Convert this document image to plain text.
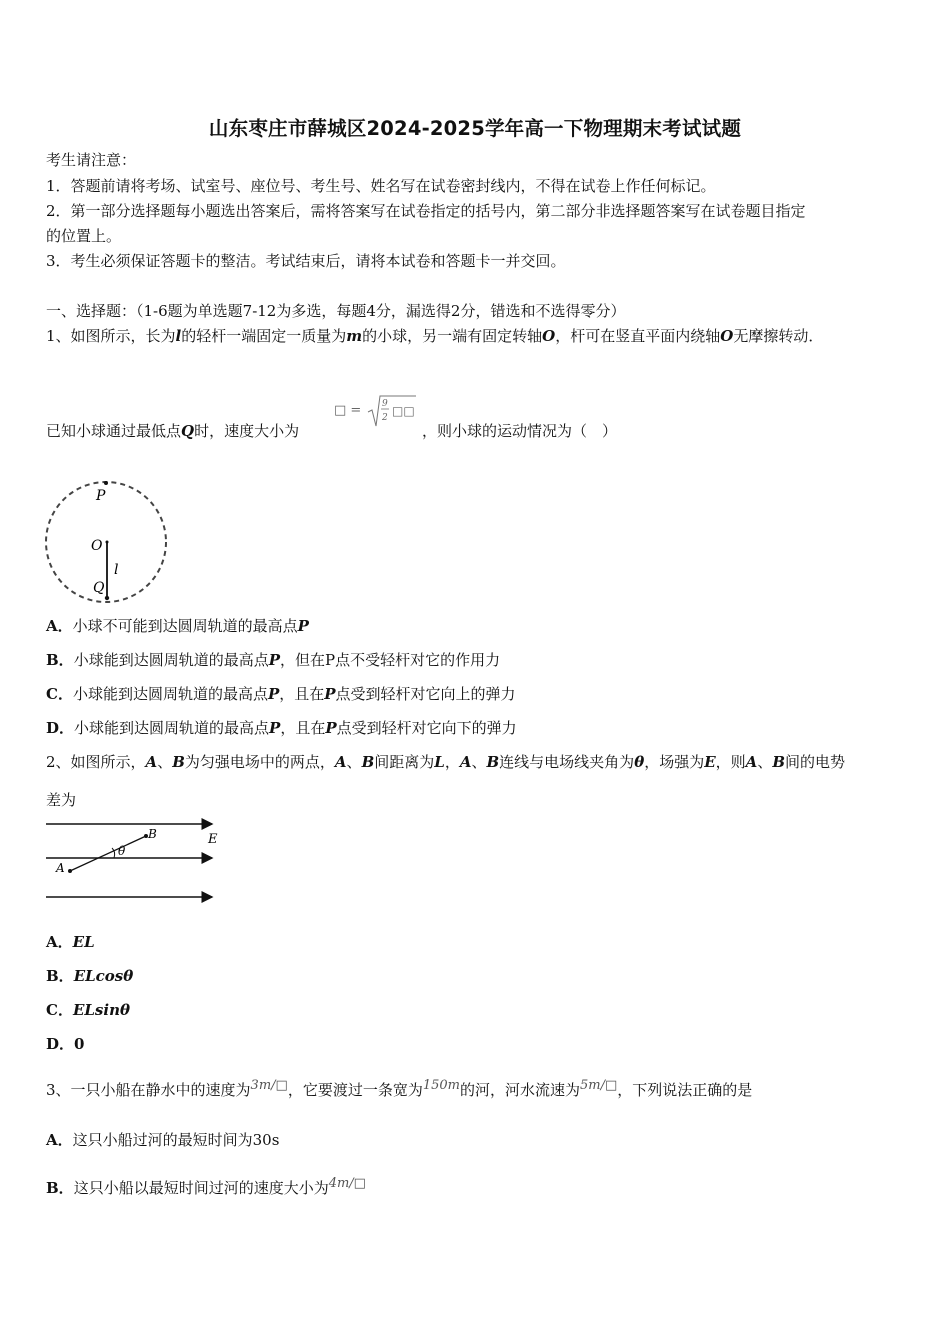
山东枣庄市薛城区2024-2025学年高一下物理期末考试试题
考生请注意：
1．答题前请将考场、试室号、座位号、考生号、姓名写在试卷密封线内，不得在试卷上作任何标记。
2．第一部分选择题每小题选出答案后，需将答案写在试卷指定的括号内，第二部分非选择题答案写在试卷题目指定
的位置上。
3．考生必须保证答题卡的整洁。考试结束后，请将本试卷和答题卡一并交回。
一、选择题：（1-6题为单选题7-12为多选，每题4分，漏选得2分，错选和不选得零分）
1、如图所示，长为l的轻杆一端固定一质量为m的小球，另一端有固定转轴O，杆可在竖直平面内绕轴O无摩擦转动．
已知小球通过最低点Q时，速度大小为
□ = 9
2 □□
，则小球的运动情况为（　）
P
O
l
Q
A．小球不可能到达圆周轨道的最高点P
B．小球能到达圆周轨道的最高点P，但在P点不受轻杆对它的作用力
C．小球能到达圆周轨道的最高点P，且在P点受到轻杆对它向上的弹力
D．小球能到达圆周轨道的最高点P，且在P点受到轻杆对它向下的弹力
2、如图所示，A、B为匀强电场中的两点，A、B间距离为L，A、B连线与电场线夹角为θ，场强为E，则A、B间的电势
差为
A
B
θ
E
A．EL
B．ELcosθ
C．ELsinθ
D．0
3、一只小船在静水中的速度为3m/□，它要渡过一条宽为150m的河，河水流速为5m/□，下列说法正确的是
A．这只小船过河的最短时间为30s
B．这只小船以最短时间过河的速度大小为4m/□
